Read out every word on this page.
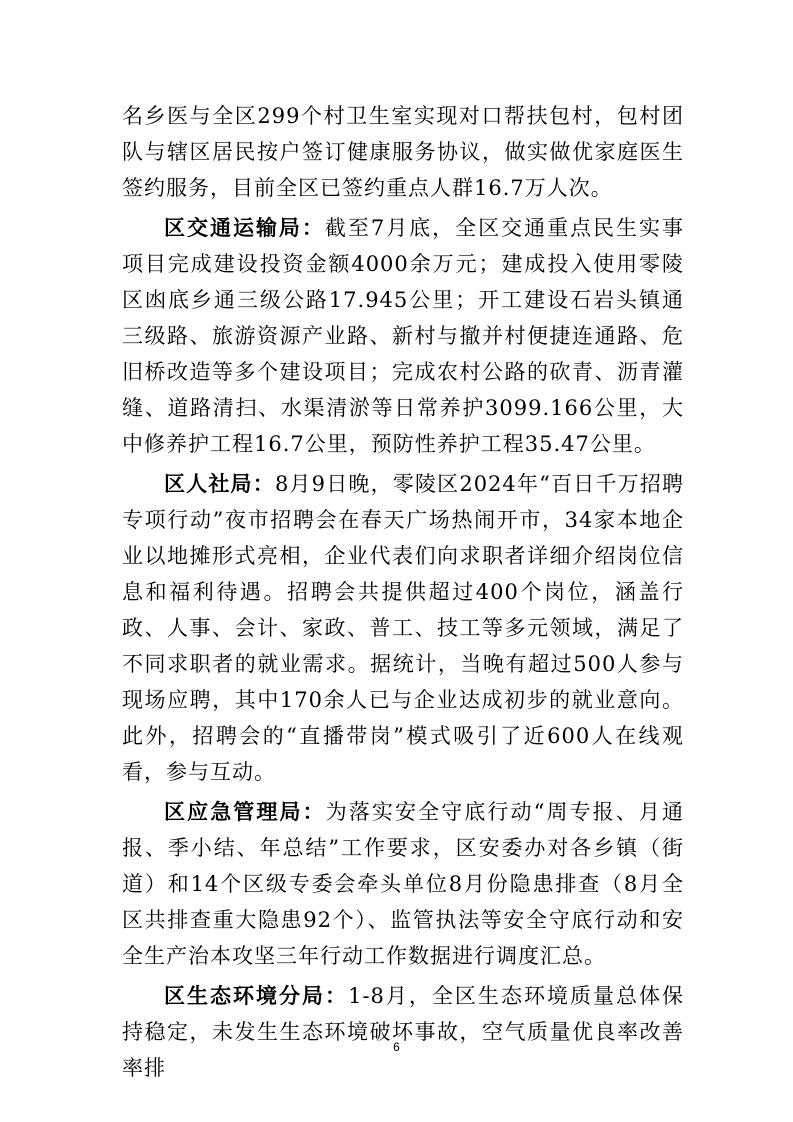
名乡医与全区299个村卫生室实现对口帮扶包村，包村团队与辖区居民按户签订健康服务协议，做实做优家庭医生签约服务，目前全区已签约重点人群16.7万人次。

区交通运输局：截至7月底，全区交通重点民生实事项目完成建设投资金额4000余万元；建成投入使用零陵区凼底乡通三级公路17.945公里；开工建设石岩头镇通三级路、旅游资源产业路、新村与撤并村便捷连通路、危旧桥改造等多个建设项目；完成农村公路的砍青、沥青灌缝、道路清扫、水渠清淤等日常养护3099.166公里，大中修养护工程16.7公里，预防性养护工程35.47公里。

区人社局：8月9日晚，零陵区2024年“百日千万招聘专项行动”夜市招聘会在春天广场热闹开市，34家本地企业以地摊形式亮相，企业代表们向求职者详细介绍岗位信息和福利待遇。招聘会共提供超过400个岗位，涵盖行政、人事、会计、家政、普工、技工等多元领域，满足了不同求职者的就业需求。据统计，当晚有超过500人参与现场应聘，其中170余人已与企业达成初步的就业意向。此外，招聘会的“直播带岗”模式吸引了近600人在线观看，参与互动。

区应急管理局：为落实安全守底行动“周专报、月通报、季小结、年总结”工作要求，区安委办对各乡镇（街道）和14个区级专委会牵头单位8月份隐患排查（8月全区共排查重大隐患92个）、监管执法等安全守底行动和安全生产治本攻坚三年行动工作数据进行调度汇总。

区生态环境分局：1-8月，全区生态环境质量总体保持稳定，未发生生态环境破坏事故，空气质量优良率改善率排

6
